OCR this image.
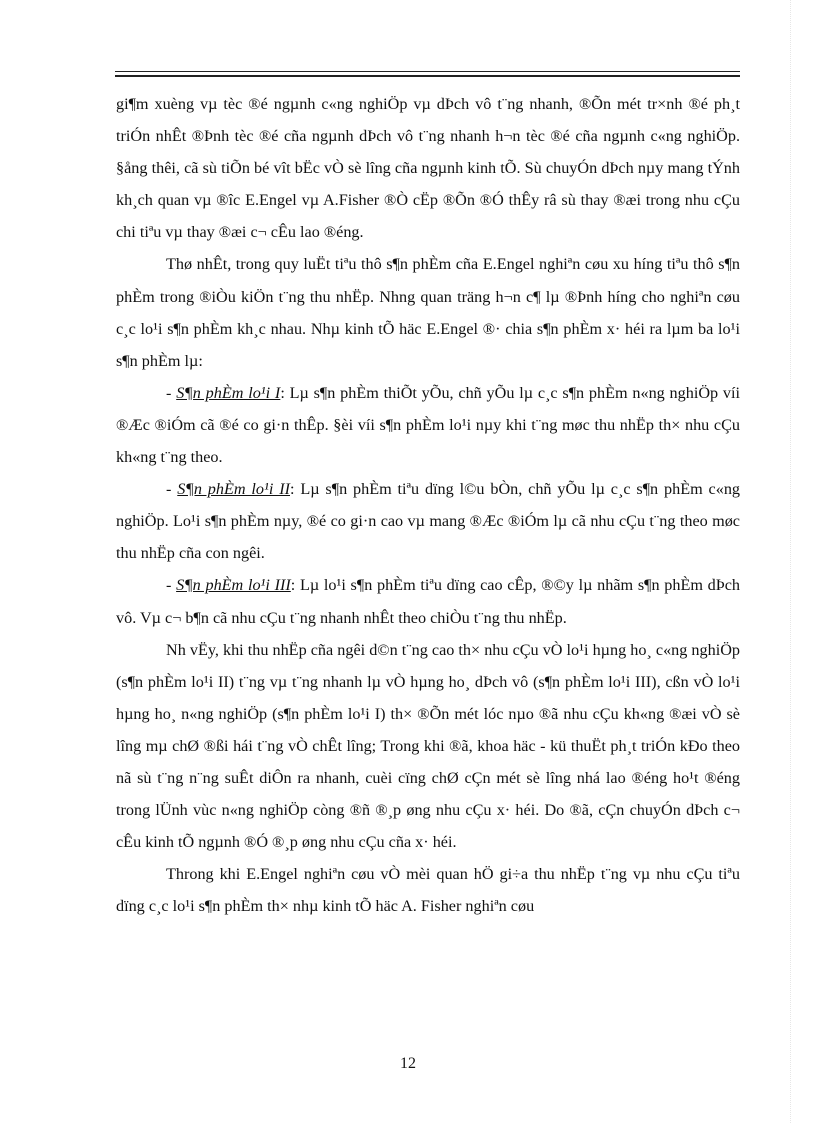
gi¶m xuèng vµ tèc ®é ngµnh c«ng nghiÖp vµ dÞch vô t¨ng nhanh, ®Õn mét tr×nh ®é ph¸t triÓn nhÊt ®Þnh tèc ®é cña ngµnh dÞch vô t¨ng nhanh h¬n tèc ®é cña ngµnh c«ng nghiÖp. §ång thêi, cã sù tiÕn bé vît bËc vÒ sè lîng cña ngµnh kinh tÕ. Sù chuyÓn dÞch nµy mang tÝnh kh¸ch quan vµ ®îc E.Engel vµ A.Fisher ®Ò cËp ®Õn ®Ó thÊy râ sù thay ®æi trong nhu cÇu chi tiªu vµ thay ®æi c¬ cÊu lao ®éng.

Thø nhÊt, trong quy luËt tiªu thô s¶n phÈm cña E.Engel nghiªn cøu xu híng tiªu thô s¶n phÈm trong ®iÒu kiÖn t¨ng thu nhËp. Nhng quan träng h¬n c¶ lµ ®Þnh híng cho nghiªn cøu c¸c lo¹i s¶n phÈm kh¸c nhau. Nhµ kinh tÕ häc E.Engel ®· chia s¶n phÈm x· héi ra lµm ba lo¹i s¶n phÈm lµ:

- S¶n phÈm lo¹i I: Lµ s¶n phÈm thiÕt yÕu, chñ yÕu lµ c¸c s¶n phÈm n«ng nghiÖp víi ®Æc ®iÓm cã ®é co gi·n thÊp. §èi víi s¶n phÈm lo¹i nµy khi t¨ng møc thu nhËp th× nhu cÇu kh«ng t¨ng theo.

- S¶n phÈm lo¹i II: Lµ s¶n phÈm tiªu dïng l©u bÒn, chñ yÕu lµ c¸c s¶n phÈm c«ng nghiÖp. Lo¹i s¶n phÈm nµy, ®é co gi·n cao vµ mang ®Æc ®iÓm lµ cã nhu cÇu t¨ng theo møc thu nhËp cña con ngêi.

- S¶n phÈm lo¹i III: Lµ lo¹i s¶n phÈm tiªu dïng cao cÊp, ®©y lµ nhãm s¶n phÈm dÞch vô. Vµ c¬ b¶n cã nhu cÇu t¨ng nhanh nhÊt theo chiÒu t¨ng thu nhËp.

Nh vËy, khi thu nhËp cña ngêi d©n t¨ng cao th× nhu cÇu vÒ lo¹i hµng ho¸ c«ng nghiÖp (s¶n phÈm lo¹i II) t¨ng vµ t¨ng nhanh lµ vÒ hµng ho¸ dÞch vô (s¶n phÈm lo¹i III), cßn vÒ lo¹i hµng ho¸ n«ng nghiÖp (s¶n phÈm lo¹i I) th× ®Õn mét lóc nµo ®ã nhu cÇu kh«ng ®æi vÒ sè lîng mµ chØ ®ßi hái t¨ng vÒ chÊt lîng; Trong khi ®ã, khoa häc - kü thuËt ph¸t triÓn kÐo theo nã sù t¨ng n¨ng suÊt diÔn ra nhanh, cuèi cïng chØ cÇn mét sè lîng nhá lao ®éng ho¹t ®éng trong lÜnh vùc n«ng nghiÖp còng ®ñ ®¸p øng nhu cÇu x· héi. Do ®ã, cÇn chuyÓn dÞch c¬ cÊu kinh tÕ ngµnh ®Ó ®¸p øng nhu cÇu cña x· héi.

Throng khi E.Engel nghiªn cøu vÒ mèi quan hÖ gi÷a thu nhËp t¨ng vµ nhu cÇu tiªu dïng c¸c lo¹i s¶n phÈm th× nhµ kinh tÕ häc A. Fisher nghiªn cøu

12
